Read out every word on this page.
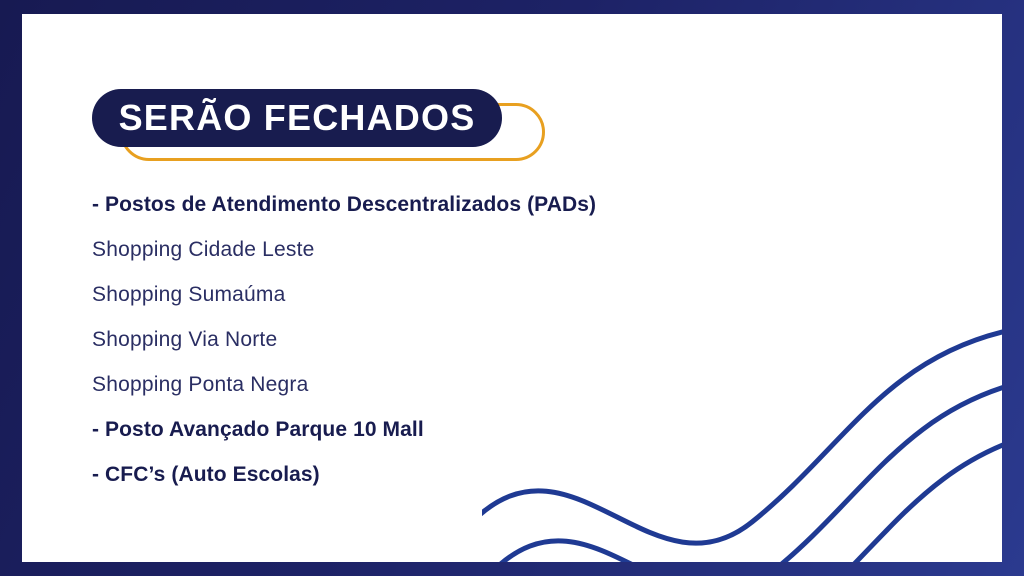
SERÃO FECHADOS
- Postos de Atendimento Descentralizados (PADs)
Shopping Cidade Leste
Shopping Sumaúma
Shopping Via Norte
Shopping Ponta Negra
- Posto Avançado Parque 10 Mall
- CFC’s (Auto Escolas)
